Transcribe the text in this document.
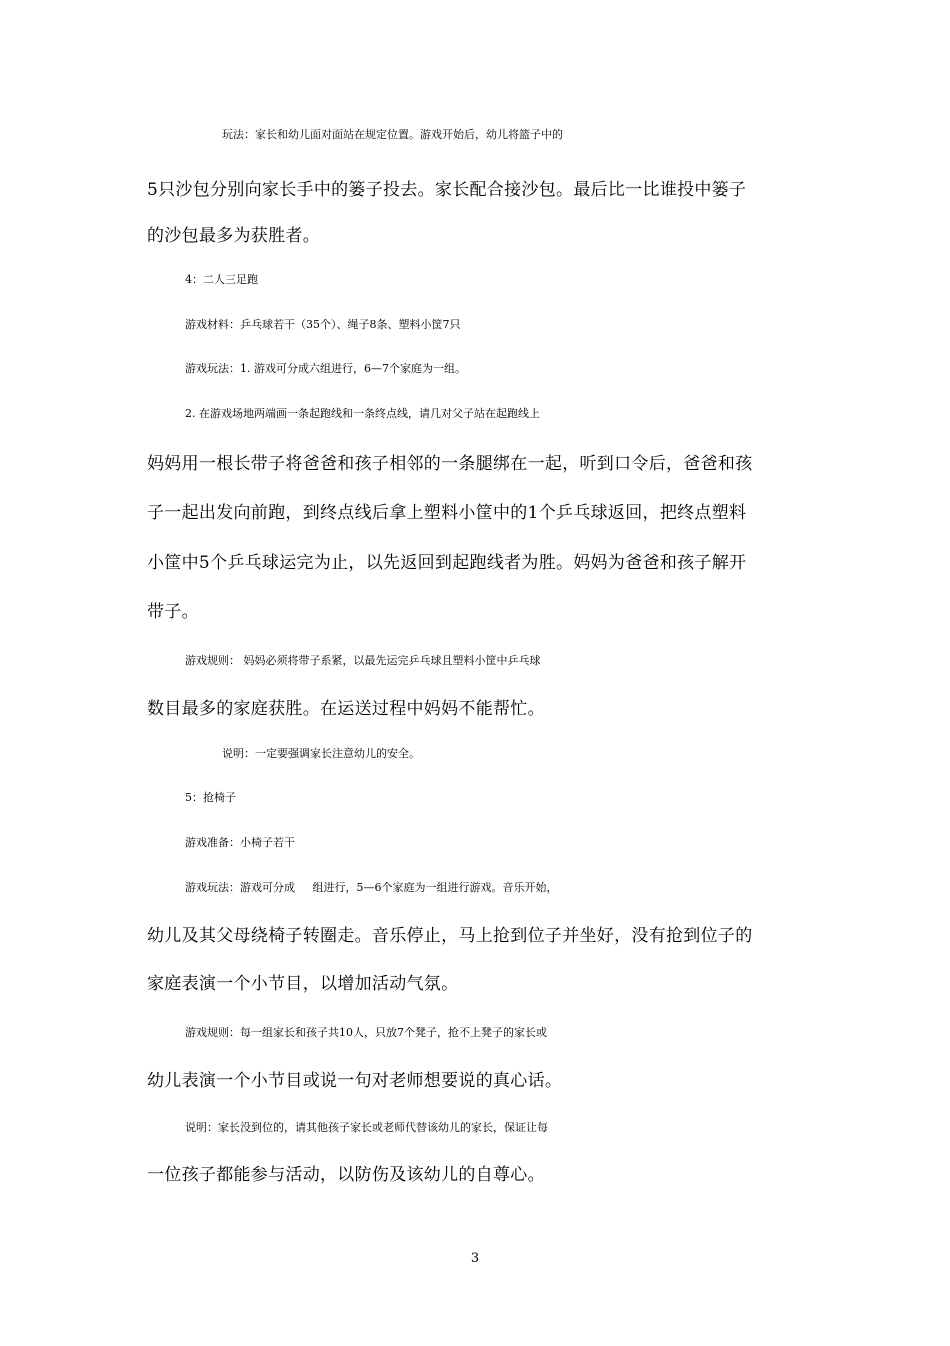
玩法：家长和幼儿面对面站在规定位置。游戏开始后，幼儿将篮子中的
5只沙包分别向家长手中的篓子投去。家长配合接沙包。最后比一比谁投中篓子
的沙包最多为获胜者。
4：二人三足跑
游戏材料：乒乓球若干（35个）、绳子8条、塑料小筐7只
游戏玩法：1. 游戏可分成六组进行，6—7个家庭为一组。
2. 在游戏场地两端画一条起跑线和一条终点线，请几对父子站在起跑线上
妈妈用一根长带子将爸爸和孩子相邻的一条腿绑在一起，听到口令后，爸爸和孩
子一起出发向前跑，到终点线后拿上塑料小筐中的1个乒乓球返回，把终点塑料
小筐中5个乒乓球运完为止，以先返回到起跑线者为胜。妈妈为爸爸和孩子解开
带子。
游戏规则： 妈妈必须将带子系紧，以最先运完乒乓球且塑料小筐中乒乓球
数目最多的家庭获胜。在运送过程中妈妈不能帮忙。
说明：一定要强调家长注意幼儿的安全。
5：抢椅子
游戏准备：小椅子若干
游戏玩法：游戏可分成     组进行，5—6个家庭为一组进行游戏。音乐开始，
幼儿及其父母绕椅子转圈走。音乐停止，马上抢到位子并坐好，没有抢到位子的
家庭表演一个小节目，以增加活动气氛。
游戏规则：每一组家长和孩子共10人，只放7个凳子，抢不上凳子的家长或
幼儿表演一个小节目或说一句对老师想要说的真心话。
说明：家长没到位的，请其他孩子家长或老师代替该幼儿的家长，保证让每
一位孩子都能参与活动，以防伤及该幼儿的自尊心。
3
